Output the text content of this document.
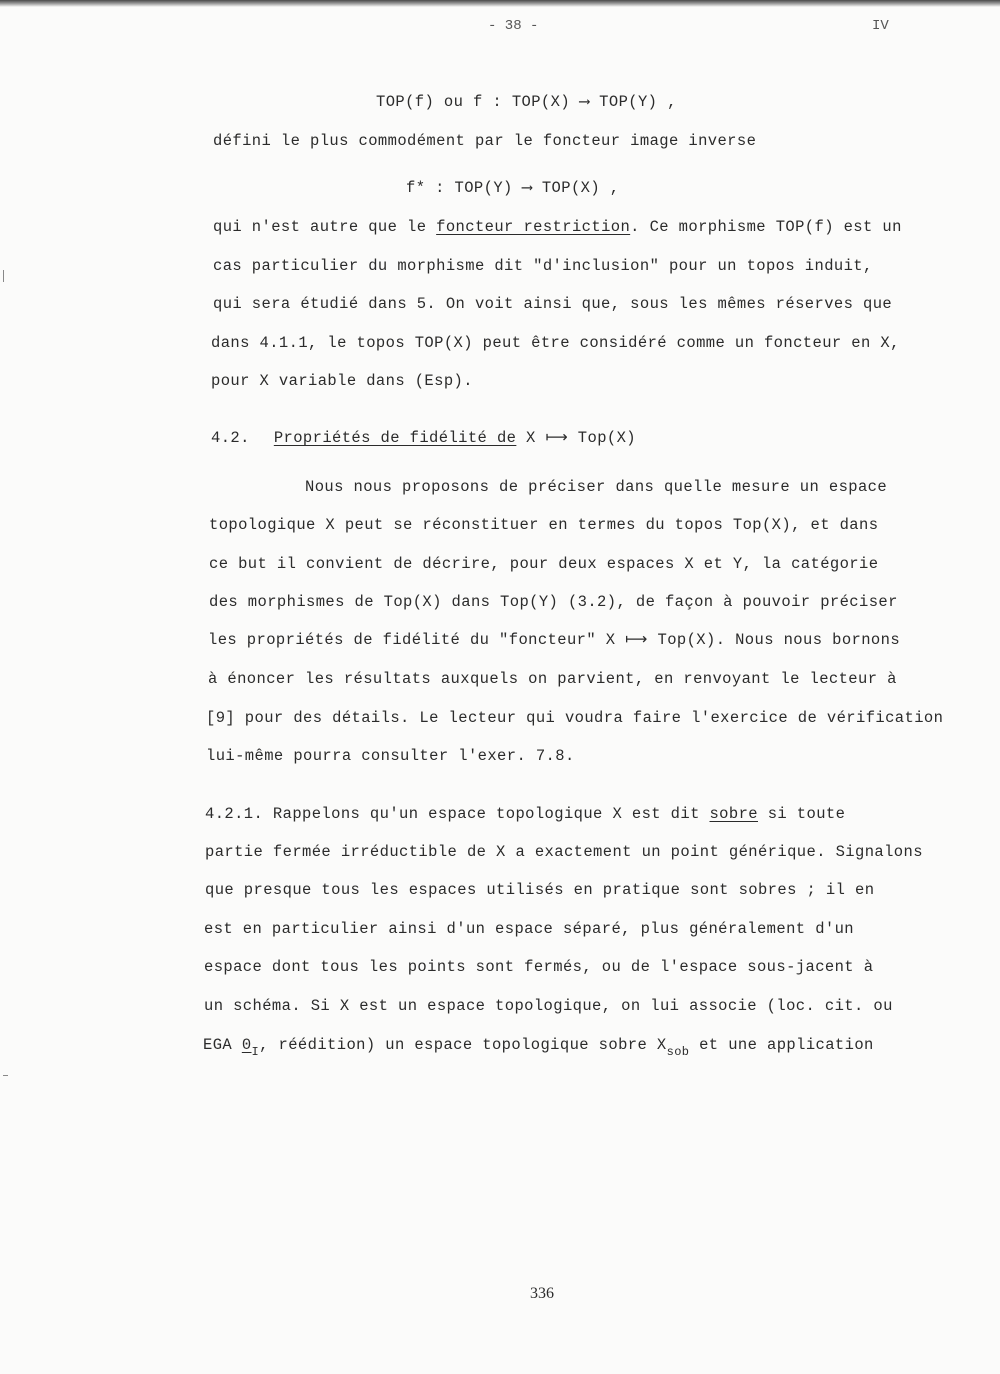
- 38 -	IV
TOP(f) ou f : TOP(X) ⟶ TOP(Y) ,
défini le plus commodément par le foncteur image inverse
f* : TOP(Y) ⟶ TOP(X) ,
qui n'est autre que le foncteur restriction. Ce morphisme TOP(f) est un
cas particulier du morphisme dit "d'inclusion" pour un topos induit,
qui sera étudié dans 5. On voit ainsi que, sous les mêmes réserves que
dans 4.1.1, le topos TOP(X) peut être considéré comme un foncteur en X,
pour X variable dans (Esp).
4.2. Propriétés de fidélité de X ⟼ Top(X)
Nous nous proposons de préciser dans quelle mesure un espace
topologique X peut se réconstituer en termes du topos Top(X), et dans
ce but il convient de décrire, pour deux espaces X et Y, la catégorie
des morphismes de Top(X) dans Top(Y) (3.2), de façon à pouvoir préciser
les propriétés de fidélité du "foncteur" X ⟼ Top(X). Nous nous bornons
à énoncer les résultats auxquels on parvient, en renvoyant le lecteur à
[9] pour des détails. Le lecteur qui voudra faire l'exercice de vérification
lui-même pourra consulter l'exer. 7.8.
4.2.1. Rappelons qu'un espace topologique X est dit sobre si toute
partie fermée irréductible de X a exactement un point générique. Signalons
que presque tous les espaces utilisés en pratique sont sobres ; il en
est en particulier ainsi d'un espace séparé, plus généralement d'un
espace dont tous les points sont fermés, ou de l'espace sous-jacent à
un schéma. Si X est un espace topologique, on lui associe (loc. cit. ou
EGA $0_I$, réédition) un espace topologique sobre $X_{sob}$ et une application
336
